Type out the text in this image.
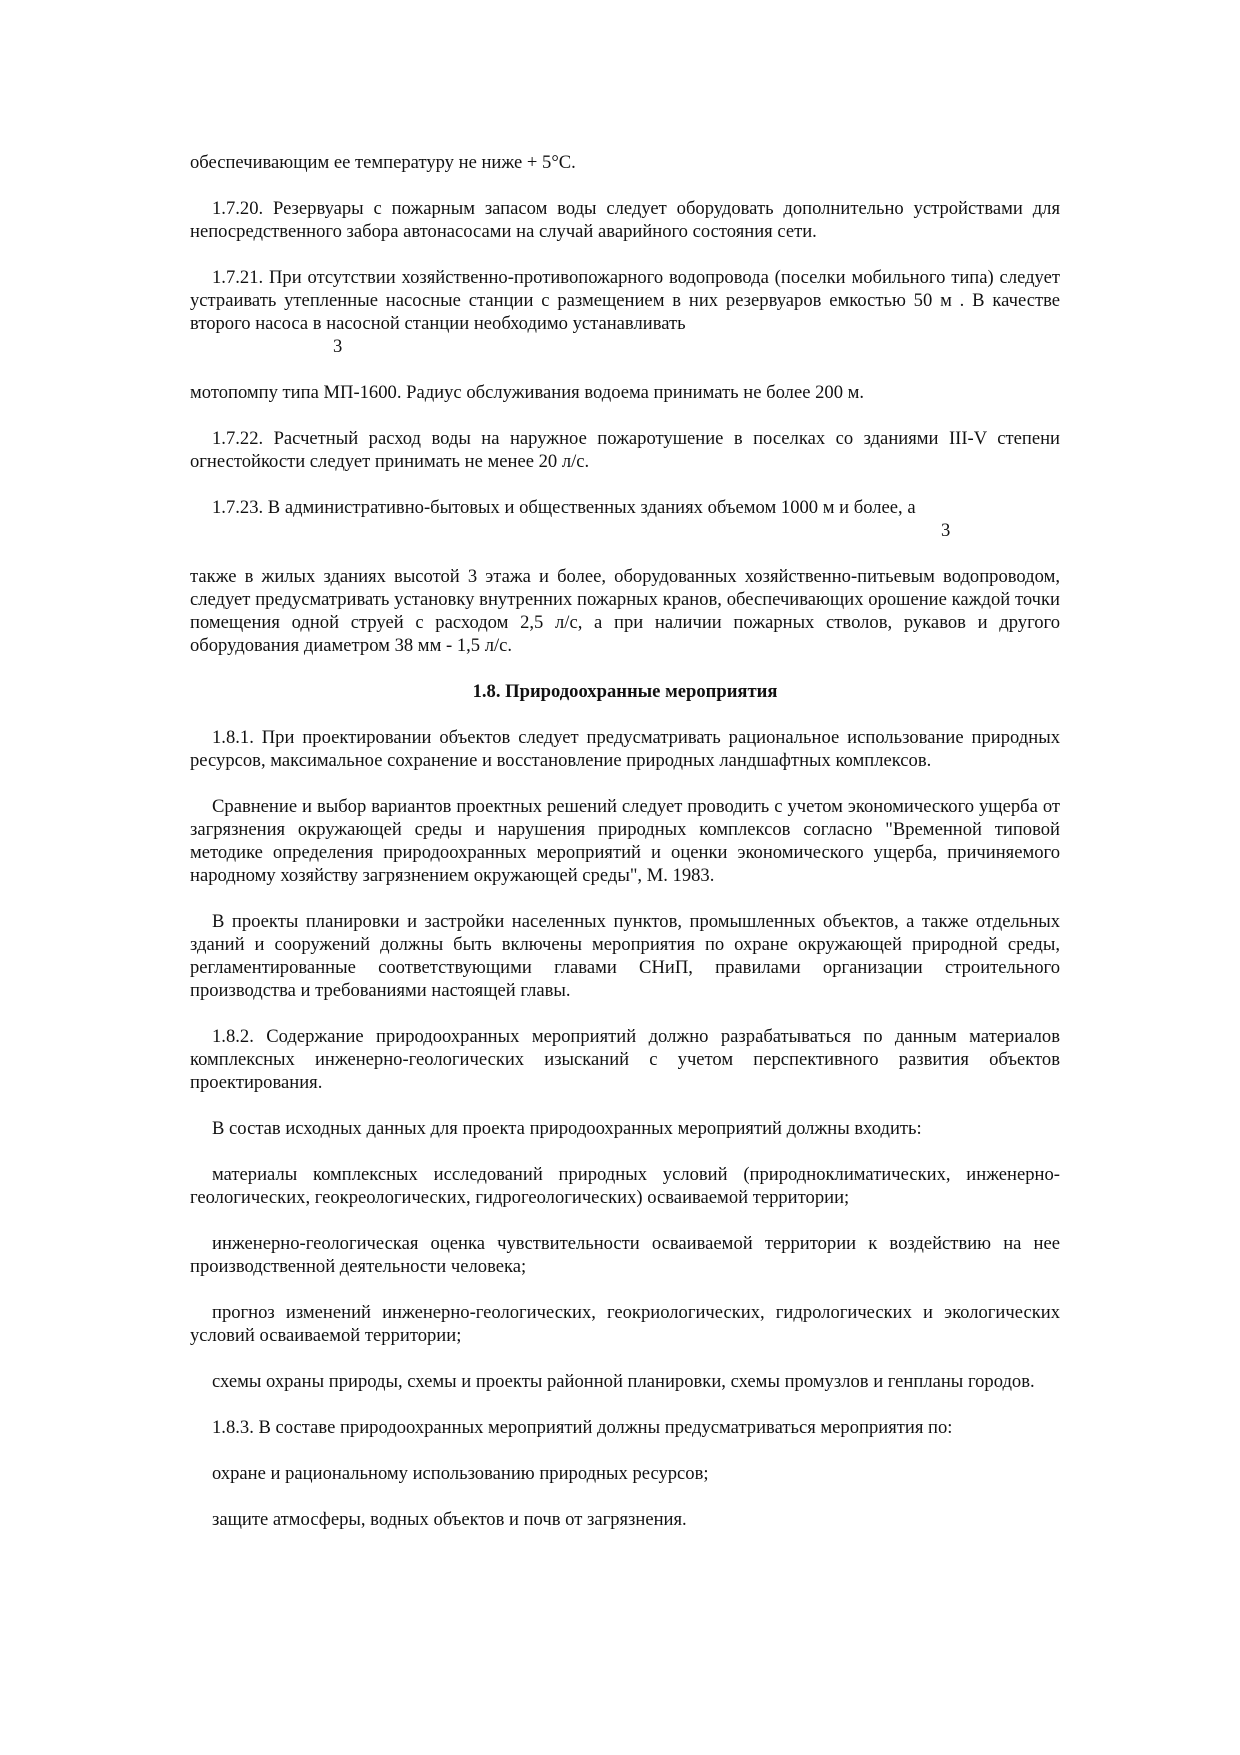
обеспечивающим ее температуру не ниже + 5°С.
1.7.20. Резервуары с пожарным запасом воды следует оборудовать дополнительно устройствами для непосредственного забора автонасосами на случай аварийного состояния сети.
1.7.21. При отсутствии хозяйственно-противопожарного водопровода (поселки мобильного типа) следует устраивать утепленные насосные станции с размещением в них резервуаров емкостью 50 м . В качестве второго насоса в насосной станции необходимо устанавливать
3
мотопомпу типа МП-1600. Радиус обслуживания водоема принимать не более 200 м.
1.7.22. Расчетный расход воды на наружное пожаротушение в поселках со зданиями III-V степени огнестойкости следует принимать не менее 20 л/с.
1.7.23. В административно-бытовых и общественных зданиях объемом 1000 м и более, а
3
также в жилых зданиях высотой 3 этажа и более, оборудованных хозяйственно-питьевым водопроводом, следует предусматривать установку внутренних пожарных кранов, обеспечивающих орошение каждой точки помещения одной струей с расходом 2,5 л/с, а при наличии пожарных стволов, рукавов и другого оборудования диаметром 38 мм - 1,5 л/с.
1.8. Природоохранные мероприятия
1.8.1. При проектировании объектов следует предусматривать рациональное использование природных ресурсов, максимальное сохранение и восстановление природных ландшафтных комплексов.
Сравнение и выбор вариантов проектных решений следует проводить с учетом экономического ущерба от загрязнения окружающей среды и нарушения природных комплексов согласно "Временной типовой методике определения природоохранных мероприятий и оценки экономического ущерба, причиняемого народному хозяйству загрязнением окружающей среды", М. 1983.
В проекты планировки и застройки населенных пунктов, промышленных объектов, а также отдельных зданий и сооружений должны быть включены мероприятия по охране окружающей природной среды, регламентированные соответствующими главами СНиП, правилами организации строительного производства и требованиями настоящей главы.
1.8.2. Содержание природоохранных мероприятий должно разрабатываться по данным материалов комплексных инженерно-геологических изысканий с учетом перспективного развития объектов проектирования.
В состав исходных данных для проекта природоохранных мероприятий должны входить:
материалы комплексных исследований природных условий (природноклиматических, инженерно-геологических, геокреологических, гидрогеологических) осваиваемой территории;
инженерно-геологическая оценка чувствительности осваиваемой территории к воздействию на нее производственной деятельности человека;
прогноз изменений инженерно-геологических, геокриологических, гидрологических и экологических условий осваиваемой территории;
схемы охраны природы, схемы и проекты районной планировки, схемы промузлов и генпланы городов.
1.8.3. В составе природоохранных мероприятий должны предусматриваться мероприятия по:
охране и рациональному использованию природных ресурсов;
защите атмосферы, водных объектов и почв от загрязнения.
